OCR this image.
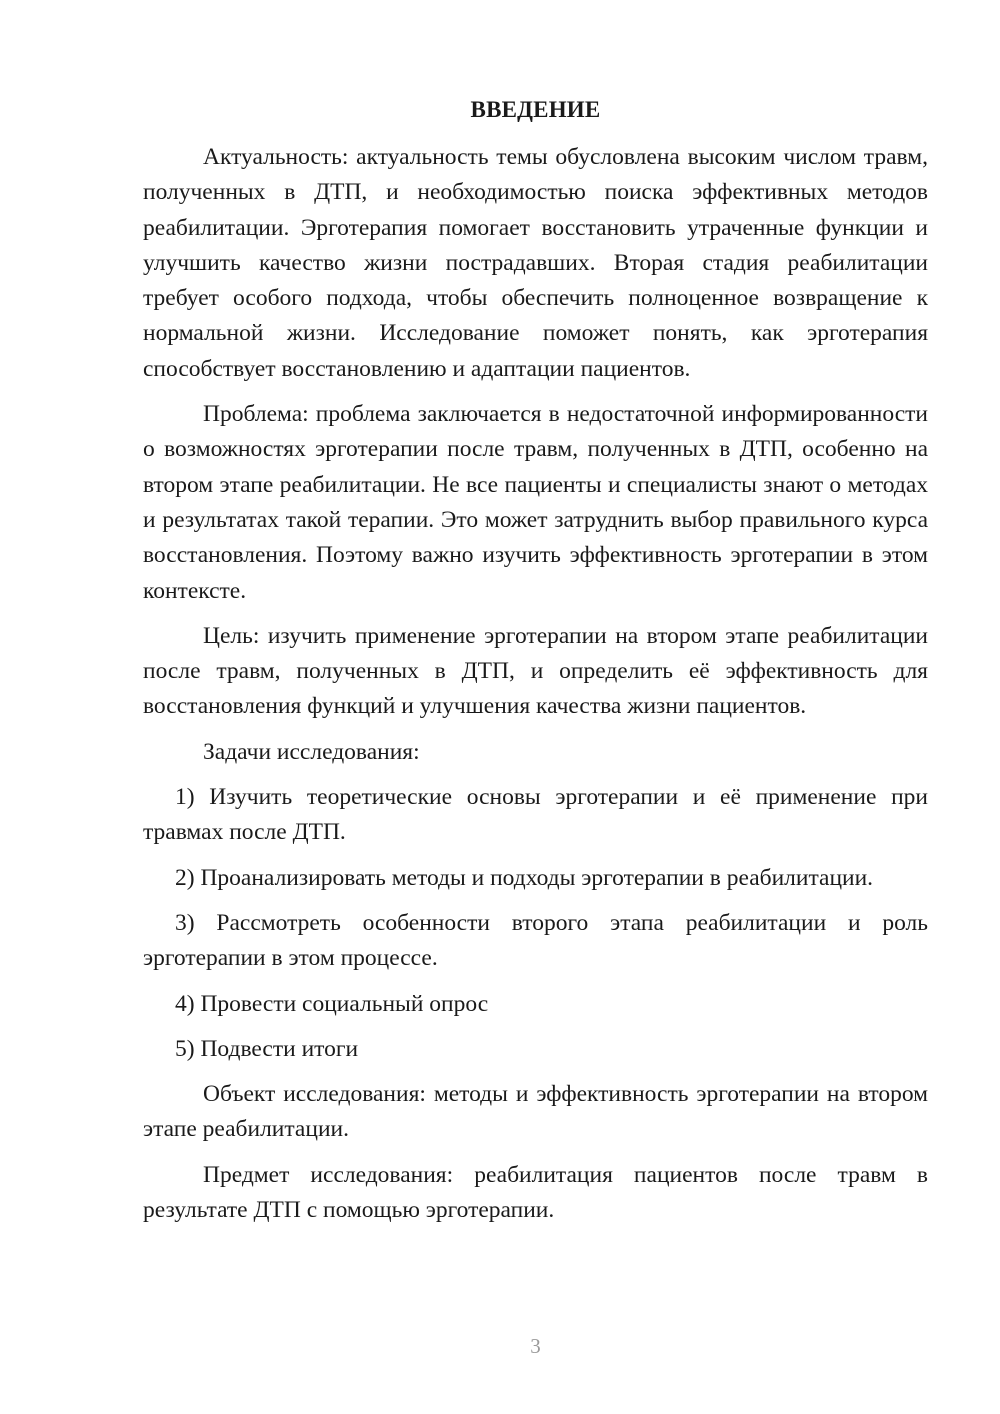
ВВЕДЕНИЕ

Актуальность: актуальность темы обусловлена высоким числом травм, полученных в ДТП, и необходимостью поиска эффективных методов реабилитации. Эрготерапия помогает восстановить утраченные функции и улучшить качество жизни пострадавших. Вторая стадия реабилитации требует особого подхода, чтобы обеспечить полноценное возвращение к нормальной жизни. Исследование поможет понять, как эрготерапия способствует восстановлению и адаптации пациентов.

Проблема: проблема заключается в недостаточной информированности о возможностях эрготерапии после травм, полученных в ДТП, особенно на втором этапе реабилитации. Не все пациенты и специалисты знают о методах и результатах такой терапии. Это может затруднить выбор правильного курса восстановления. Поэтому важно изучить эффективность эрготерапии в этом контексте.

Цель: изучить применение эрготерапии на втором этапе реабилитации после травм, полученных в ДТП, и определить её эффективность для восстановления функций и улучшения качества жизни пациентов.

Задачи исследования:

1) Изучить теоретические основы эрготерапии и её применение при травмах после ДТП.

2) Проанализировать методы и подходы эрготерапии в реабилитации.

3) Рассмотреть особенности второго этапа реабилитации и роль эрготерапии в этом процессе.

4) Провести социальный опрос

5) Подвести итоги

Объект исследования: методы и эффективность эрготерапии на втором этапе реабилитации.

Предмет исследования: реабилитация пациентов после травм в результате ДТП с помощью эрготерапии.

3
